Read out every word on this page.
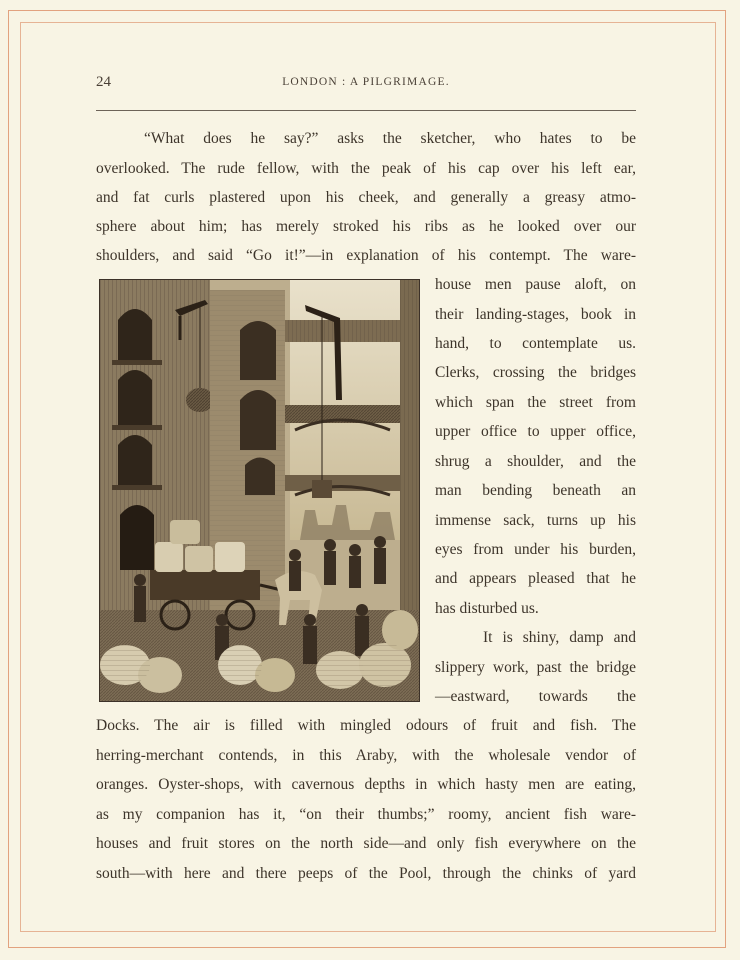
24	LONDON : A PILGRIMAGE.
“What does he say?” asks the sketcher, who hates to be
overlooked. The rude fellow, with the peak of his cap over his left ear,
and fat curls plastered upon his cheek, and generally a greasy atmo-
sphere about him; has merely stroked his ribs as he looked over our
shoulders, and said “Go it!”—in explanation of his contempt. The ware-
house men pause aloft, on
their landing-stages, book in
hand, to contemplate us.
Clerks, crossing the bridges
which span the street from
upper office to upper office,
shrug a shoulder, and the
man bending beneath an
immense sack, turns up his
eyes from under his burden,
and appears pleased that he
has disturbed us.
It is shiny, damp and
slippery work, past the bridge
—eastward, towards the
Docks. The air is filled with mingled odours of fruit and fish. The
herring-merchant contends, in this Araby, with the wholesale vendor of
oranges. Oyster-shops, with cavernous depths in which hasty men are eating,
as my companion has it, “on their thumbs;” roomy, ancient fish ware-
houses and fruit stores on the north side—and only fish everywhere on the
south—with here and there peeps of the Pool, through the chinks of yard
